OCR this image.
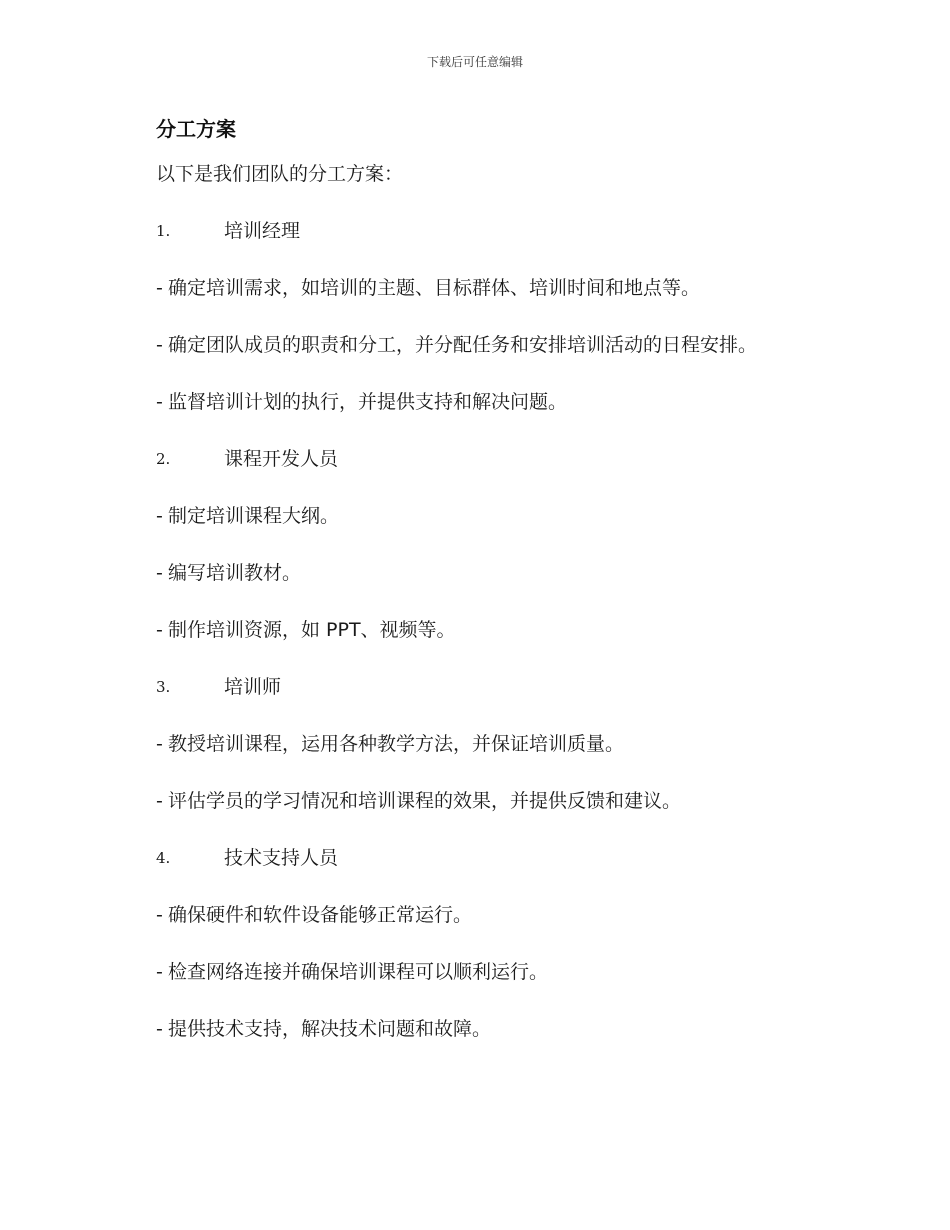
下载后可任意编辑
分工方案

以下是我们团队的分工方案：

1.	培训经理

- 确定培训需求，如培训的主题、目标群体、培训时间和地点等。

- 确定团队成员的职责和分工，并分配任务和安排培训活动的日程安排。

- 监督培训计划的执行，并提供支持和解决问题。

2.	课程开发人员

- 制定培训课程大纲。

- 编写培训教材。

- 制作培训资源，如 PPT、视频等。

3.	培训师

- 教授培训课程，运用各种教学方法，并保证培训质量。

- 评估学员的学习情况和培训课程的效果，并提供反馈和建议。

4.	技术支持人员

- 确保硬件和软件设备能够正常运行。

- 检查网络连接并确保培训课程可以顺利运行。

- 提供技术支持，解决技术问题和故障。
